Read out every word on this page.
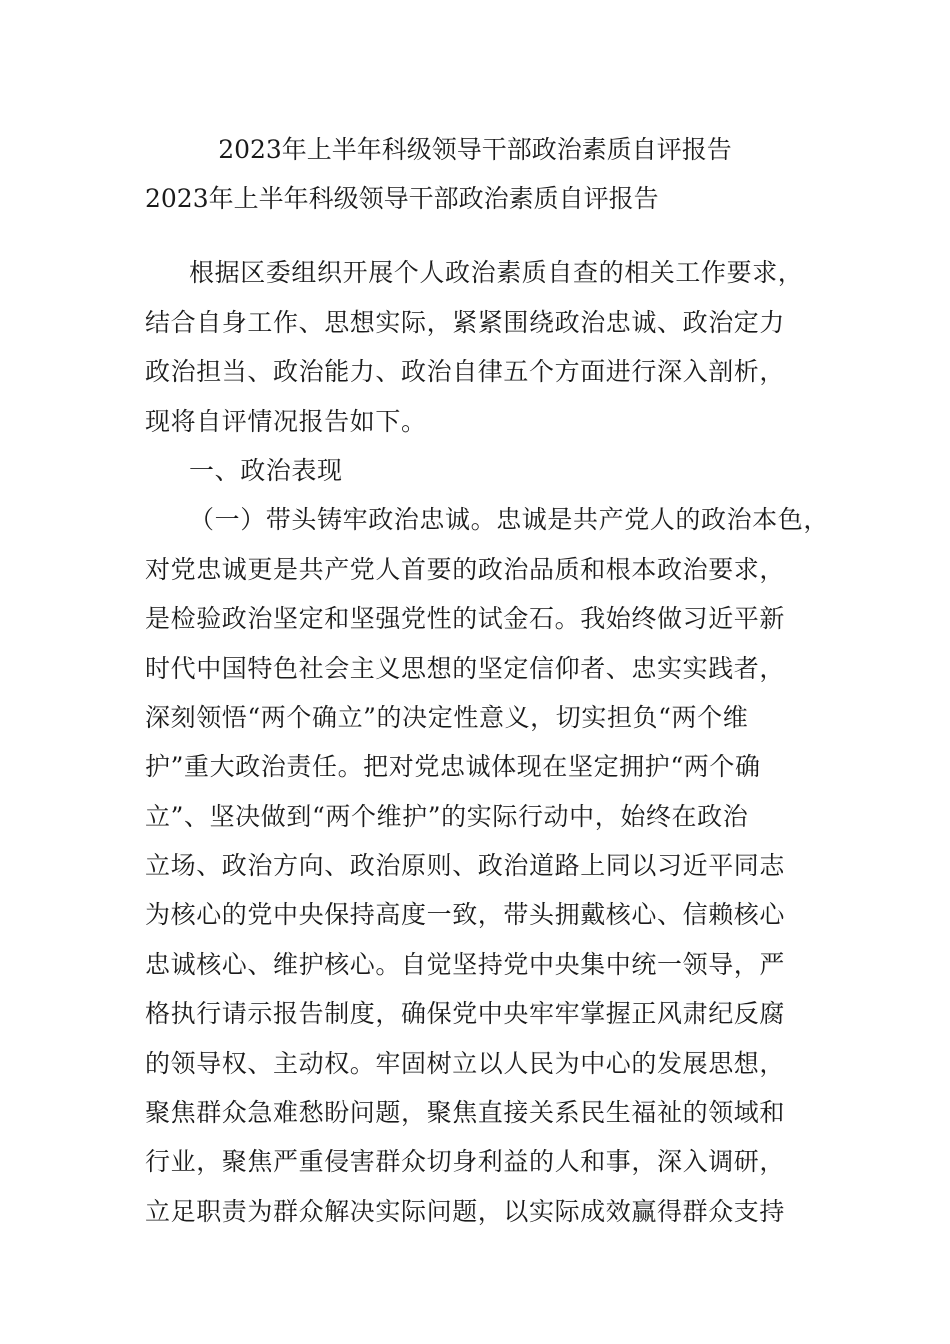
2023年上半年科级领导干部政治素质自评报告
2023年上半年科级领导干部政治素质自评报告
根据区委组织开展个人政治素质自查的相关工作要求，
结合自身工作、思想实际，紧紧围绕政治忠诚、政治定力
政治担当、政治能力、政治自律五个方面进行深入剖析，
现将自评情况报告如下。
一、政治表现
（一）带头铸牢政治忠诚。忠诚是共产党人的政治本色，
对党忠诚更是共产党人首要的政治品质和根本政治要求，
是检验政治坚定和坚强党性的试金石。我始终做习近平新
时代中国特色社会主义思想的坚定信仰者、忠实实践者，
深刻领悟“两个确立”的决定性意义，切实担负“两个维
护”重大政治责任。把对党忠诚体现在坚定拥护“两个确
立”、坚决做到“两个维护”的实际行动中，始终在政治
立场、政治方向、政治原则、政治道路上同以习近平同志
为核心的党中央保持高度一致，带头拥戴核心、信赖核心
忠诚核心、维护核心。自觉坚持党中央集中统一领导，严
格执行请示报告制度，确保党中央牢牢掌握正风肃纪反腐
的领导权、主动权。牢固树立以人民为中心的发展思想，
聚焦群众急难愁盼问题，聚焦直接关系民生福祉的领域和
行业，聚焦严重侵害群众切身利益的人和事，深入调研，
立足职责为群众解决实际问题，以实际成效赢得群众支持
